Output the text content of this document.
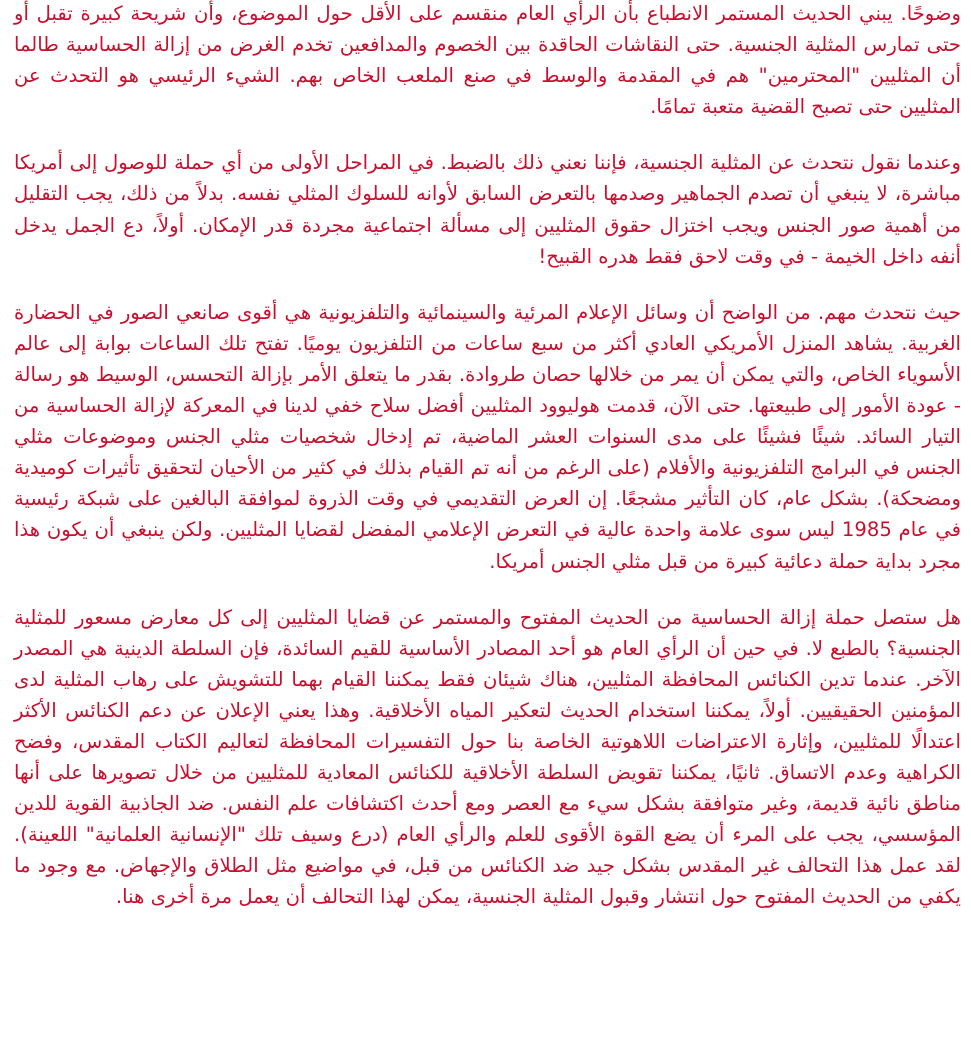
وضوحًا. يبني الحديث المستمر الانطباع بأن الرأي العام منقسم على الأقل حول الموضوع، وأن شريحة كبيرة تقبل أو حتى تمارس المثلية الجنسية. حتى النقاشات الحاقدة بين الخصوم والمدافعين تخدم الغرض من إزالة الحساسية طالما أن المثليين "المحترمين" هم في المقدمة والوسط في صنع الملعب الخاص بهم. الشيء الرئيسي هو التحدث عن المثليين حتى تصبح القضية متعبة تمامًا.

وعندما نقول نتحدث عن المثلية الجنسية، فإننا نعني ذلك بالضبط. في المراحل الأولى من أي حملة للوصول إلى أمريكا مباشرة، لا ينبغي أن تصدم الجماهير وصدمها بالتعرض السابق لأوانه للسلوك المثلي نفسه. بدلاً من ذلك، يجب التقليل من أهمية صور الجنس ويجب اختزال حقوق المثليين إلى مسألة اجتماعية مجردة قدر الإمكان. أولاً، دع الجمل يدخل أنفه داخل الخيمة - في وقت لاحق فقط هدره القبيح!

حيث نتحدث مهم. من الواضح أن وسائل الإعلام المرئية والسينمائية والتلفزيونية هي أقوى صانعي الصور في الحضارة الغربية. يشاهد المنزل الأمريكي العادي أكثر من سبع ساعات من التلفزيون يوميًا. تفتح تلك الساعات بوابة إلى عالم الأسوياء الخاص، والتي يمكن أن يمر من خلالها حصان طروادة. بقدر ما يتعلق الأمر بإزالة التحسس، الوسيط هو رسالة - عودة الأمور إلى طبيعتها. حتى الآن، قدمت هوليوود المثليين أفضل سلاح خفي لدينا في المعركة لإزالة الحساسية من التيار السائد. شيئًا فشيئًا على مدى السنوات العشر الماضية، تم إدخال شخصيات مثلي الجنس وموضوعات مثلي الجنس في البرامج التلفزيونية والأفلام (على الرغم من أنه تم القيام بذلك في كثير من الأحيان لتحقيق تأثيرات كوميدية ومضحكة). بشكل عام، كان التأثير مشجعًا. إن العرض التقديمي في وقت الذروة لموافقة البالغين على شبكة رئيسية في عام 1985 ليس سوى علامة واحدة عالية في التعرض الإعلامي المفضل لقضايا المثليين. ولكن ينبغي أن يكون هذا مجرد بداية حملة دعائية كبيرة من قبل مثلي الجنس أمريكا.

هل ستصل حملة إزالة الحساسية من الحديث المفتوح والمستمر عن قضايا المثليين إلى كل معارض مسعور للمثلية الجنسية؟ بالطبع لا. في حين أن الرأي العام هو أحد المصادر الأساسية للقيم السائدة، فإن السلطة الدينية هي المصدر الآخر. عندما تدين الكنائس المحافظة المثليين، هناك شيئان فقط يمكننا القيام بهما للتشويش على رهاب المثلية لدى المؤمنين الحقيقيين. أولاً، يمكننا استخدام الحديث لتعكير المياه الأخلاقية. وهذا يعني الإعلان عن دعم الكنائس الأكثر اعتدالًا للمثليين، وإثارة الاعتراضات اللاهوتية الخاصة بنا حول التفسيرات المحافظة لتعاليم الكتاب المقدس، وفضح الكراهية وعدم الاتساق. ثانيًا، يمكننا تقويض السلطة الأخلاقية للكنائس المعادية للمثليين من خلال تصويرها على أنها مناطق نائية قديمة، وغير متوافقة بشكل سيء مع العصر ومع أحدث اكتشافات علم النفس. ضد الجاذبية القوية للدين المؤسسي، يجب على المرء أن يضع القوة الأقوى للعلم والرأي العام (درع وسيف تلك "الإنسانية العلمانية" اللعينة). لقد عمل هذا التحالف غير المقدس بشكل جيد ضد الكنائس من قبل، في مواضيع مثل الطلاق والإجهاض. مع وجود ما يكفي من الحديث المفتوح حول انتشار وقبول المثلية الجنسية، يمكن لهذا التحالف أن يعمل مرة أخرى هنا.
